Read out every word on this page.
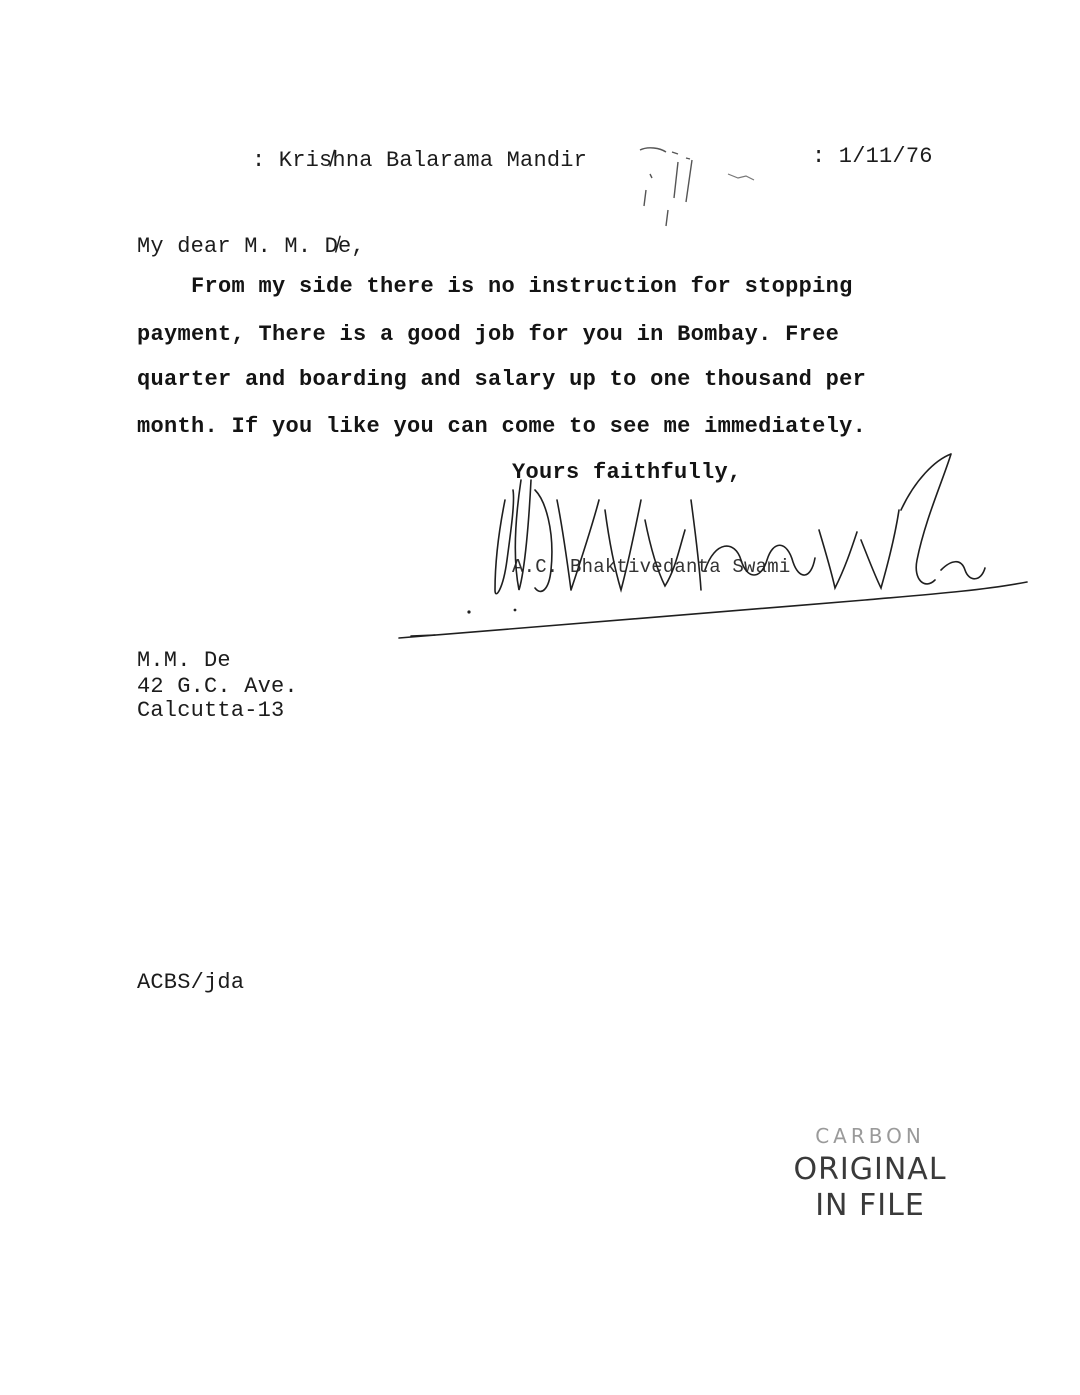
: Kris̸hna Balarama Mandir	: 1/11/76
My dear M. M. D̸e,
From my side there is no instruction for stopping
payment, There is a good job for you in Bombay. Free
quarter and boarding and salary up to one thousand per
month. If you like you can come to see me immediately.
Yours faithfully,
A.C. Bhaktivedanta Swami
M.M. De
42 G.C. Ave.
Calcutta-13
ACBS/jda
CARBON
ORIGINAL
IN FILE
